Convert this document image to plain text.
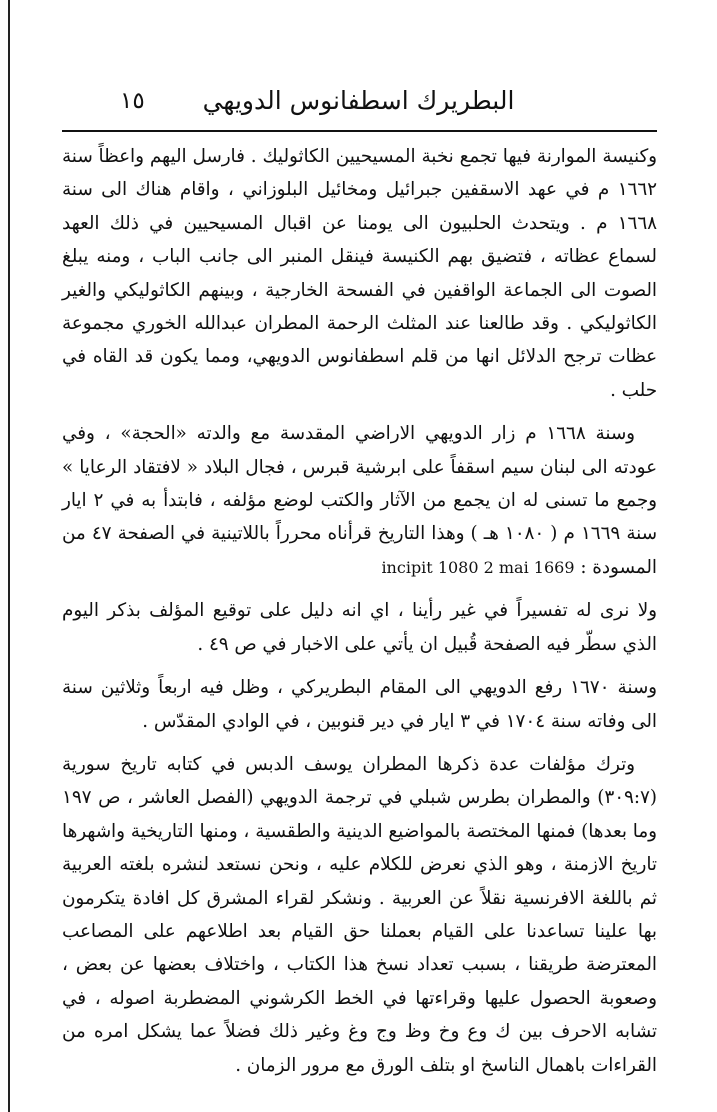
١٥	البطريرك اسطفانوس الدويهي

وكنيسة الموارنة فيها تجمع نخبة المسيحيين الكاثوليك . فارسل اليهم واعظاً سنة ١٦٦٢ م في عهد الاسقفين جبرائيل ومخائيل البلوزاني ، واقام هناك الى سنة ١٦٦٨ م . ويتحدث الحلبيون الى يومنا عن اقبال المسيحيين في ذلك العهد لسماع عظاته ، فتضيق بهم الكنيسة فينقل المنبر الى جانب الباب ، ومنه يبلغ الصوت الى الجماعة الواقفين في الفسحة الخارجية ، وبينهم الكاثوليكي والغير الكاثوليكي . وقد طالعنا عند المثلث الرحمة المطران عبدالله الخوري مجموعة عظات ترجح الدلائل انها من قلم اسطفانوس الدويهي، ومما يكون قد القاه في حلب .

وسنة ١٦٦٨ م زار الدويهي الاراضي المقدسة مع والدته «الحجة» ، وفي عودته الى لبنان سيم اسقفاً على ابرشية قبرس ، فجال البلاد « لافتقاد الرعايا » وجمع ما تسنى له ان يجمع من الآثار والكتب لوضع مؤلفه ، فابتدأ به في ٢ ايار سنة ١٦٦٩ م ( ١٠٨٠ هـ ) وهذا التاريخ قرأناه محرراً باللاتينية في الصفحة ٤٧ من المسودة : incipit 1080 2 mai 1669

ولا نرى له تفسيراً في غير رأينا ، اي انه دليل على توقيع المؤلف بذكر اليوم الذي سطّر فيه الصفحة قُبيل ان يأتي على الاخبار في ص ٤٩ .

وسنة ١٦٧٠ رفع الدويهي الى المقام البطريركي ، وظل فيه اربعاً وثلاثين سنة الى وفاته سنة ١٧٠٤ في ٣ ايار في دير قنوبين ، في الوادي المقدّس .

وترك مؤلفات عدة ذكرها المطران يوسف الدبس في كتابه تاريخ سورية (٣٠٩:٧) والمطران بطرس شبلي في ترجمة الدويهي (الفصل العاشر ، ص ١٩٧ وما بعدها) فمنها المختصة بالمواضيع الدينية والطقسية ، ومنها التاريخية واشهرها تاريخ الازمنة ، وهو الذي نعرض للكلام عليه ، ونحن نستعد لنشره بلغته العربية ثم باللغة الافرنسية نقلاً عن العربية . ونشكر لقراء المشرق كل افادة يتكرمون بها علينا تساعدنا على القيام بعملنا حق القيام بعد اطلاعهم على المصاعب المعترضة طريقنا ، بسبب تعداد نسخ هذا الكتاب ، واختلاف بعضها عن بعض ، وصعوبة الحصول عليها وقراءتها في الخط الكرشوني المضطربة اصوله ، في تشابه الاحرف بين ك وع وخ وظ وج وغ وغير ذلك فضلاً عما يشكل امره من القراءات باهمال الناسخ او بتلف الورق مع مرور الزمان .
